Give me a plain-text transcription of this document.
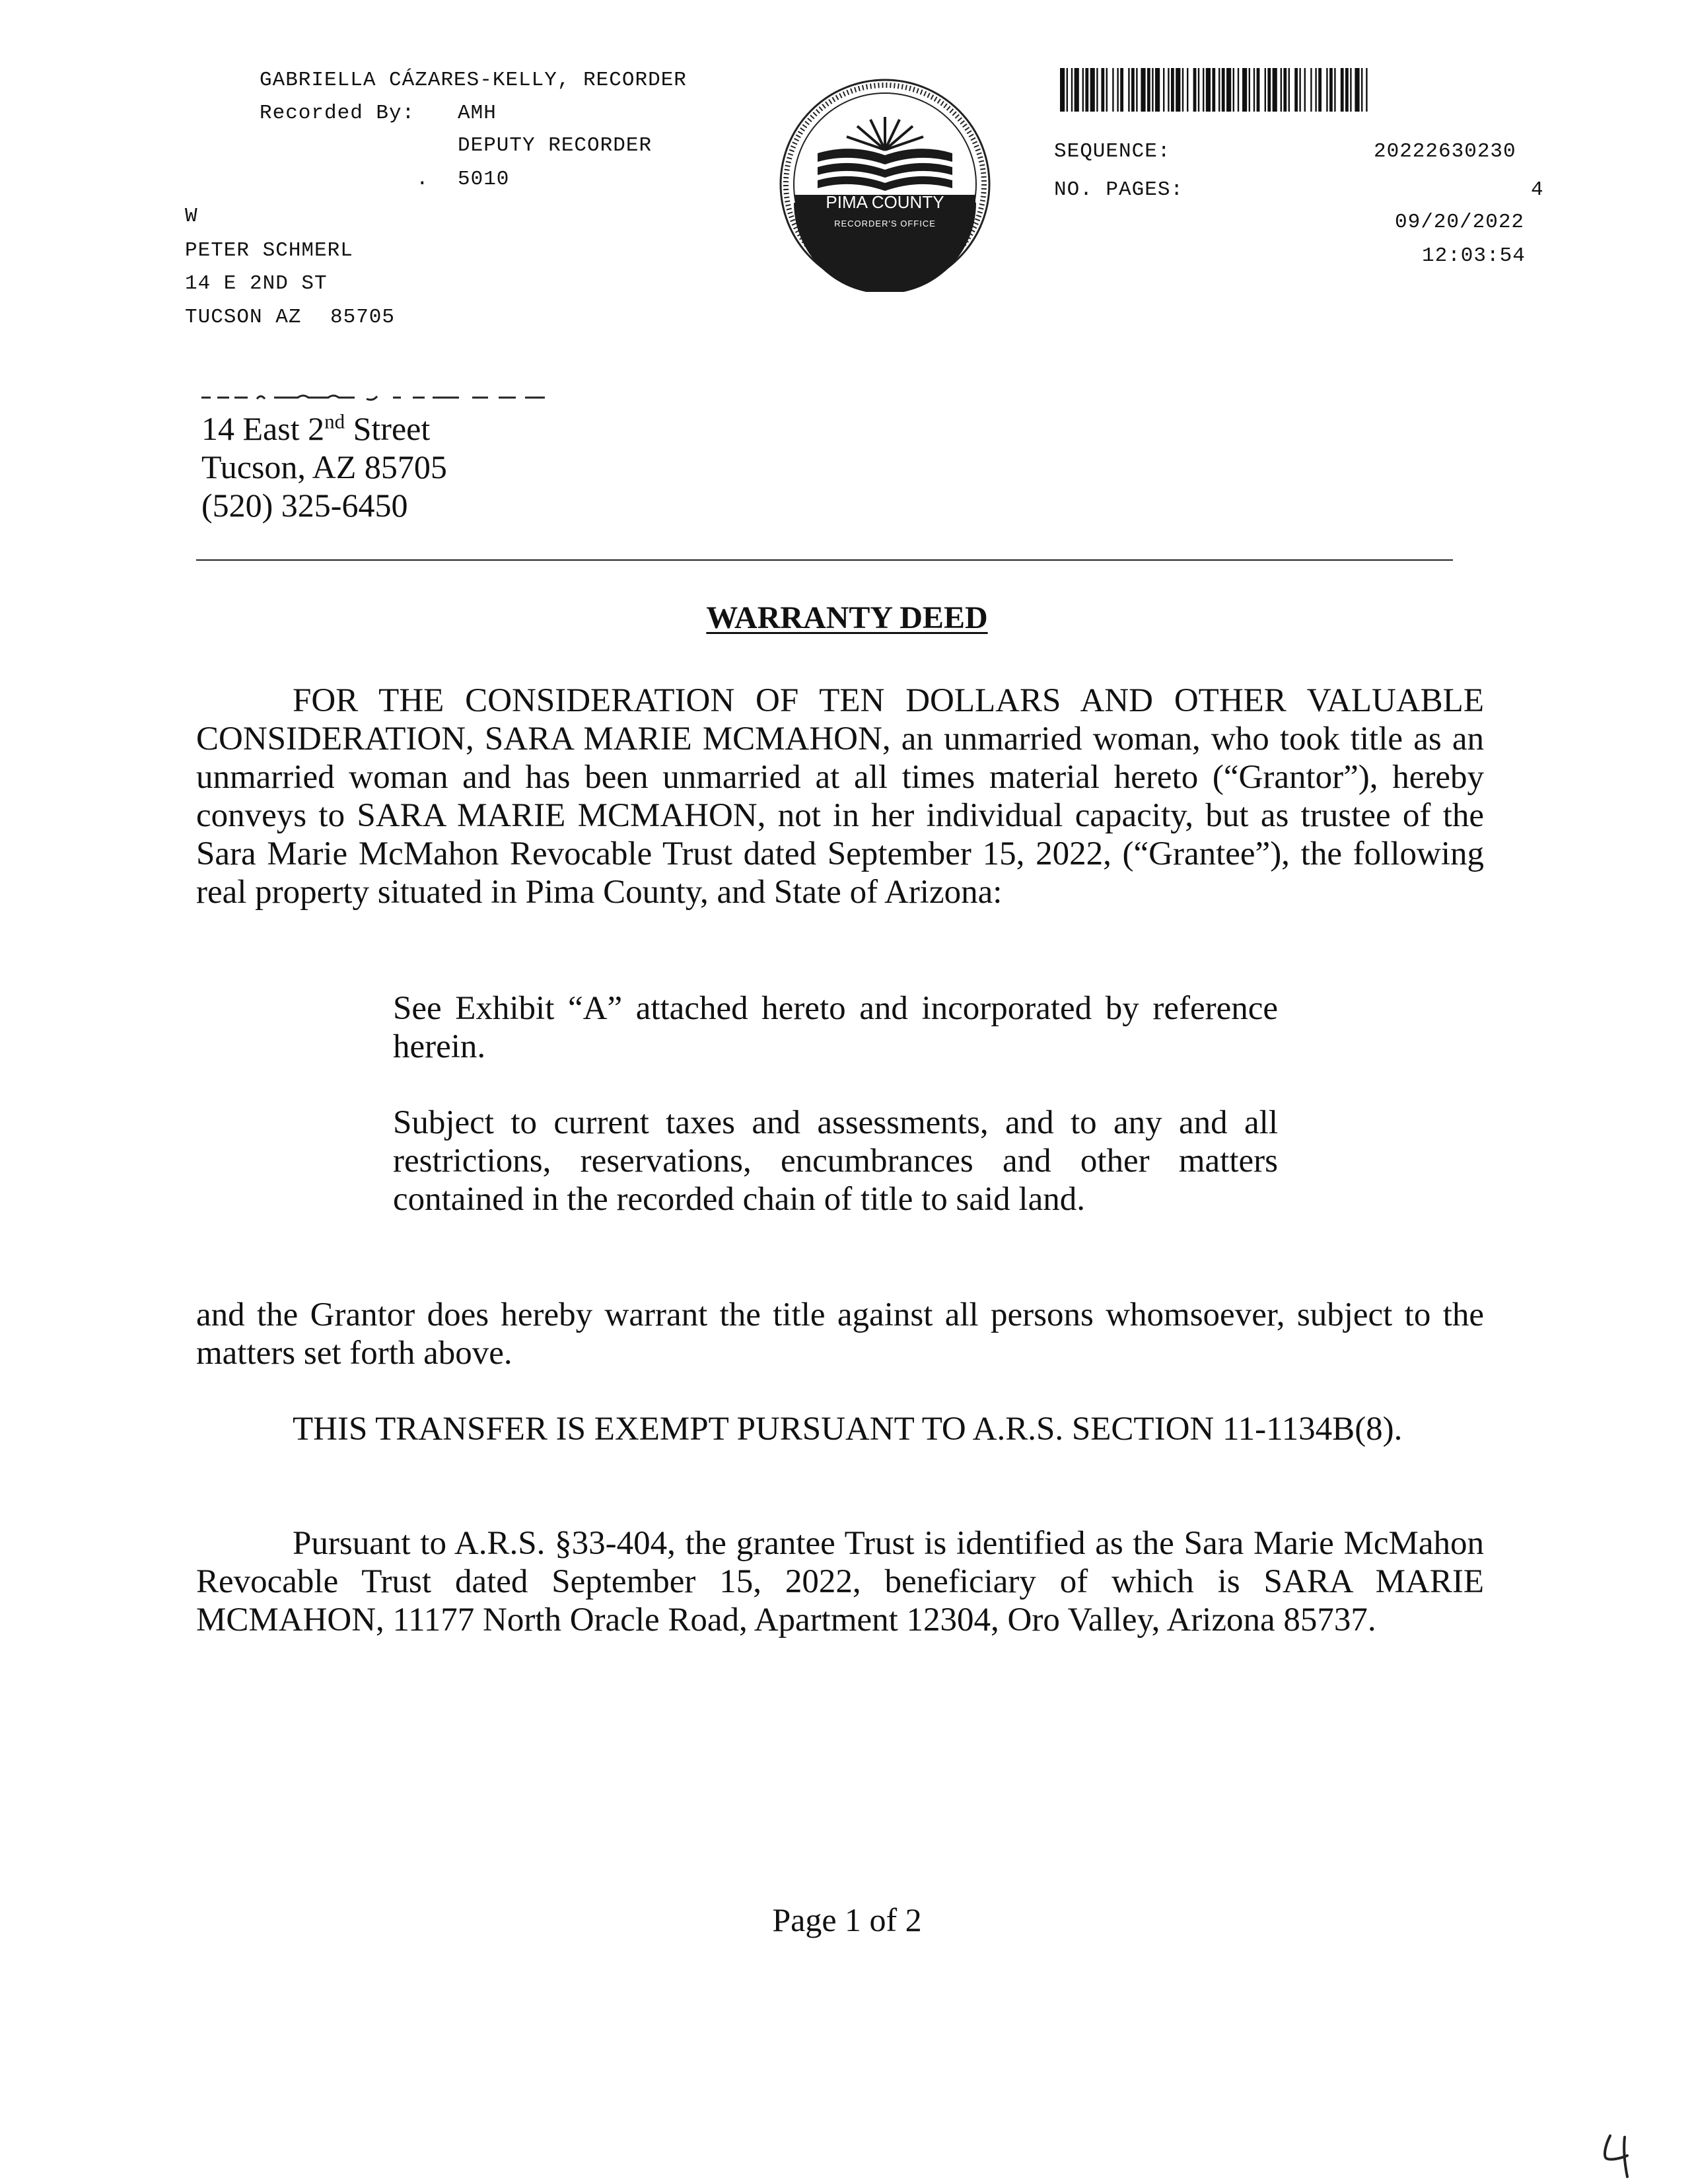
GABRIELLA CÁZARES-KELLY, RECORDER
Recorded By: AMH
DEPUTY RECORDER
. 5010
W
PETER SCHMERL
14 E 2ND ST
TUCSON AZ 85705
PIMA COUNTY
RECORDER'S OFFICE
SEQUENCE:	20222630230
NO. PAGES:	4
09/20/2022
12:03:54
14 East 2nd Street
Tucson, AZ 85705
(520) 325-6450
WARRANTY DEED
FOR THE CONSIDERATION OF TEN DOLLARS AND OTHER VALUABLE CONSIDERATION, SARA MARIE MCMAHON, an unmarried woman, who took title as an unmarried woman and has been unmarried at all times material hereto (“Grantor”), hereby conveys to SARA MARIE MCMAHON, not in her individual capacity, but as trustee of the Sara Marie McMahon Revocable Trust dated September 15, 2022, (“Grantee”), the following real property situated in Pima County, and State of Arizona:
See Exhibit “A” attached hereto and incorporated by reference herein.
Subject to current taxes and assessments, and to any and all restrictions, reservations, encumbrances and other matters contained in the recorded chain of title to said land.
and the Grantor does hereby warrant the title against all persons whomsoever, subject to the matters set forth above.
THIS TRANSFER IS EXEMPT PURSUANT TO A.R.S. SECTION 11-1134B(8).
Pursuant to A.R.S. §33-404, the grantee Trust is identified as the Sara Marie McMahon Revocable Trust dated September 15, 2022, beneficiary of which is SARA MARIE MCMAHON, 11177 North Oracle Road, Apartment 12304, Oro Valley, Arizona 85737.
Page 1 of 2
